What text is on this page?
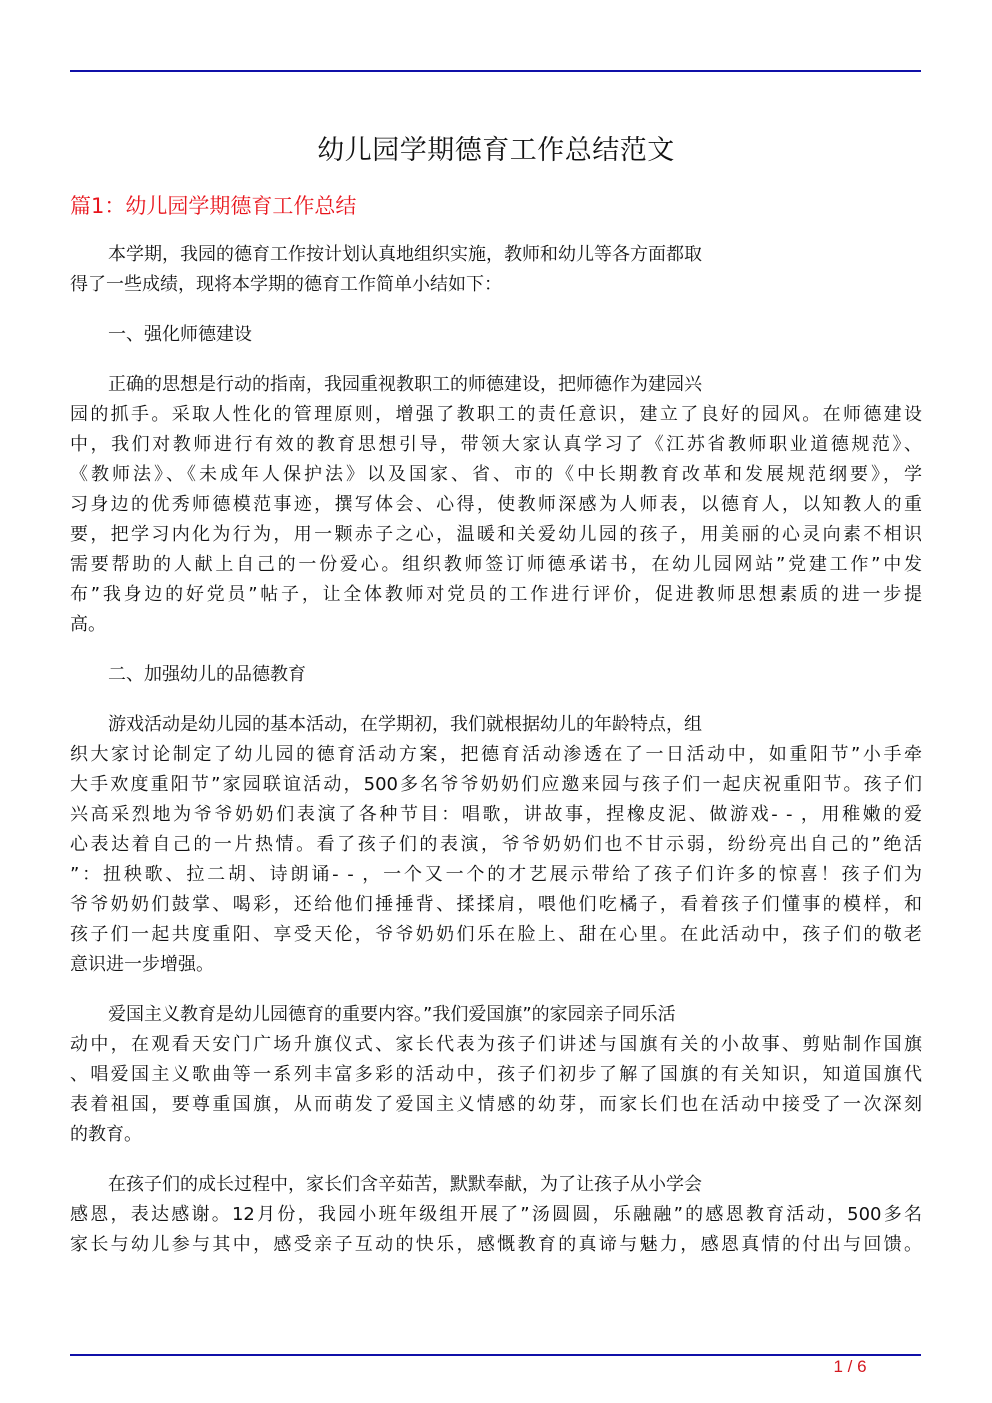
幼儿园学期德育工作总结范文
篇1：幼儿园学期德育工作总结
本学期，我园的德育工作按计划认真地组织实施，教师和幼儿等各方面都取
得了一些成绩，现将本学期的德育工作简单小结如下：
一、强化师德建设
正确的思想是行动的指南，我园重视教职工的师德建设，把师德作为建园兴
园的抓手。采取人性化的管理原则，增强了教职工的责任意识，建立了良好的园风。在师德建设
中，我们对教师进行有效的教育思想引导，带领大家认真学习了《江苏省教师职业道德规范》、
《教师法》、《未成年人保护法》以及国家、省、市的《中长期教育改革和发展规范纲要》，学
习身边的优秀师德模范事迹，撰写体会、心得，使教师深感为人师表，以德育人，以知教人的重
要，把学习内化为行为，用一颗赤子之心，温暖和关爱幼儿园的孩子，用美丽的心灵向素不相识
需要帮助的人献上自己的一份爱心。组织教师签订师德承诺书，在幼儿园网站”党建工作”中发
布”我身边的好党员”帖子，让全体教师对党员的工作进行评价，促进教师思想素质的进一步提
高。
二、加强幼儿的品德教育
游戏活动是幼儿园的基本活动，在学期初，我们就根据幼儿的年龄特点，组
织大家讨论制定了幼儿园的德育活动方案，把德育活动渗透在了一日活动中，如重阳节”小手牵
大手欢度重阳节”家园联谊活动，500多名爷爷奶奶们应邀来园与孩子们一起庆祝重阳节。孩子们
兴高采烈地为爷爷奶奶们表演了各种节目：唱歌，讲故事，捏橡皮泥、做游戏- - ，用稚嫩的爱
心表达着自己的一片热情。看了孩子们的表演，爷爷奶奶们也不甘示弱，纷纷亮出自己的”绝活
”：扭秧歌、拉二胡、诗朗诵- - ，一个又一个的才艺展示带给了孩子们许多的惊喜！孩子们为
爷爷奶奶们鼓掌、喝彩，还给他们捶捶背、揉揉肩，喂他们吃橘子，看着孩子们懂事的模样，和
孩子们一起共度重阳、享受天伦，爷爷奶奶们乐在脸上、甜在心里。在此活动中，孩子们的敬老
意识进一步增强。
爱国主义教育是幼儿园德育的重要内容。”我们爱国旗”的家园亲子同乐活
动中，在观看天安门广场升旗仪式、家长代表为孩子们讲述与国旗有关的小故事、剪贴制作国旗
、唱爱国主义歌曲等一系列丰富多彩的活动中，孩子们初步了解了国旗的有关知识，知道国旗代
表着祖国，要尊重国旗，从而萌发了爱国主义情感的幼芽，而家长们也在活动中接受了一次深刻
的教育。
在孩子们的成长过程中，家长们含辛茹苦，默默奉献，为了让孩子从小学会
感恩，表达感谢。12月份，我园小班年级组开展了”汤圆圆，乐融融”的感恩教育活动，500多名
家长与幼儿参与其中，感受亲子互动的快乐，感慨教育的真谛与魅力，感恩真情的付出与回馈。
1 / 6
